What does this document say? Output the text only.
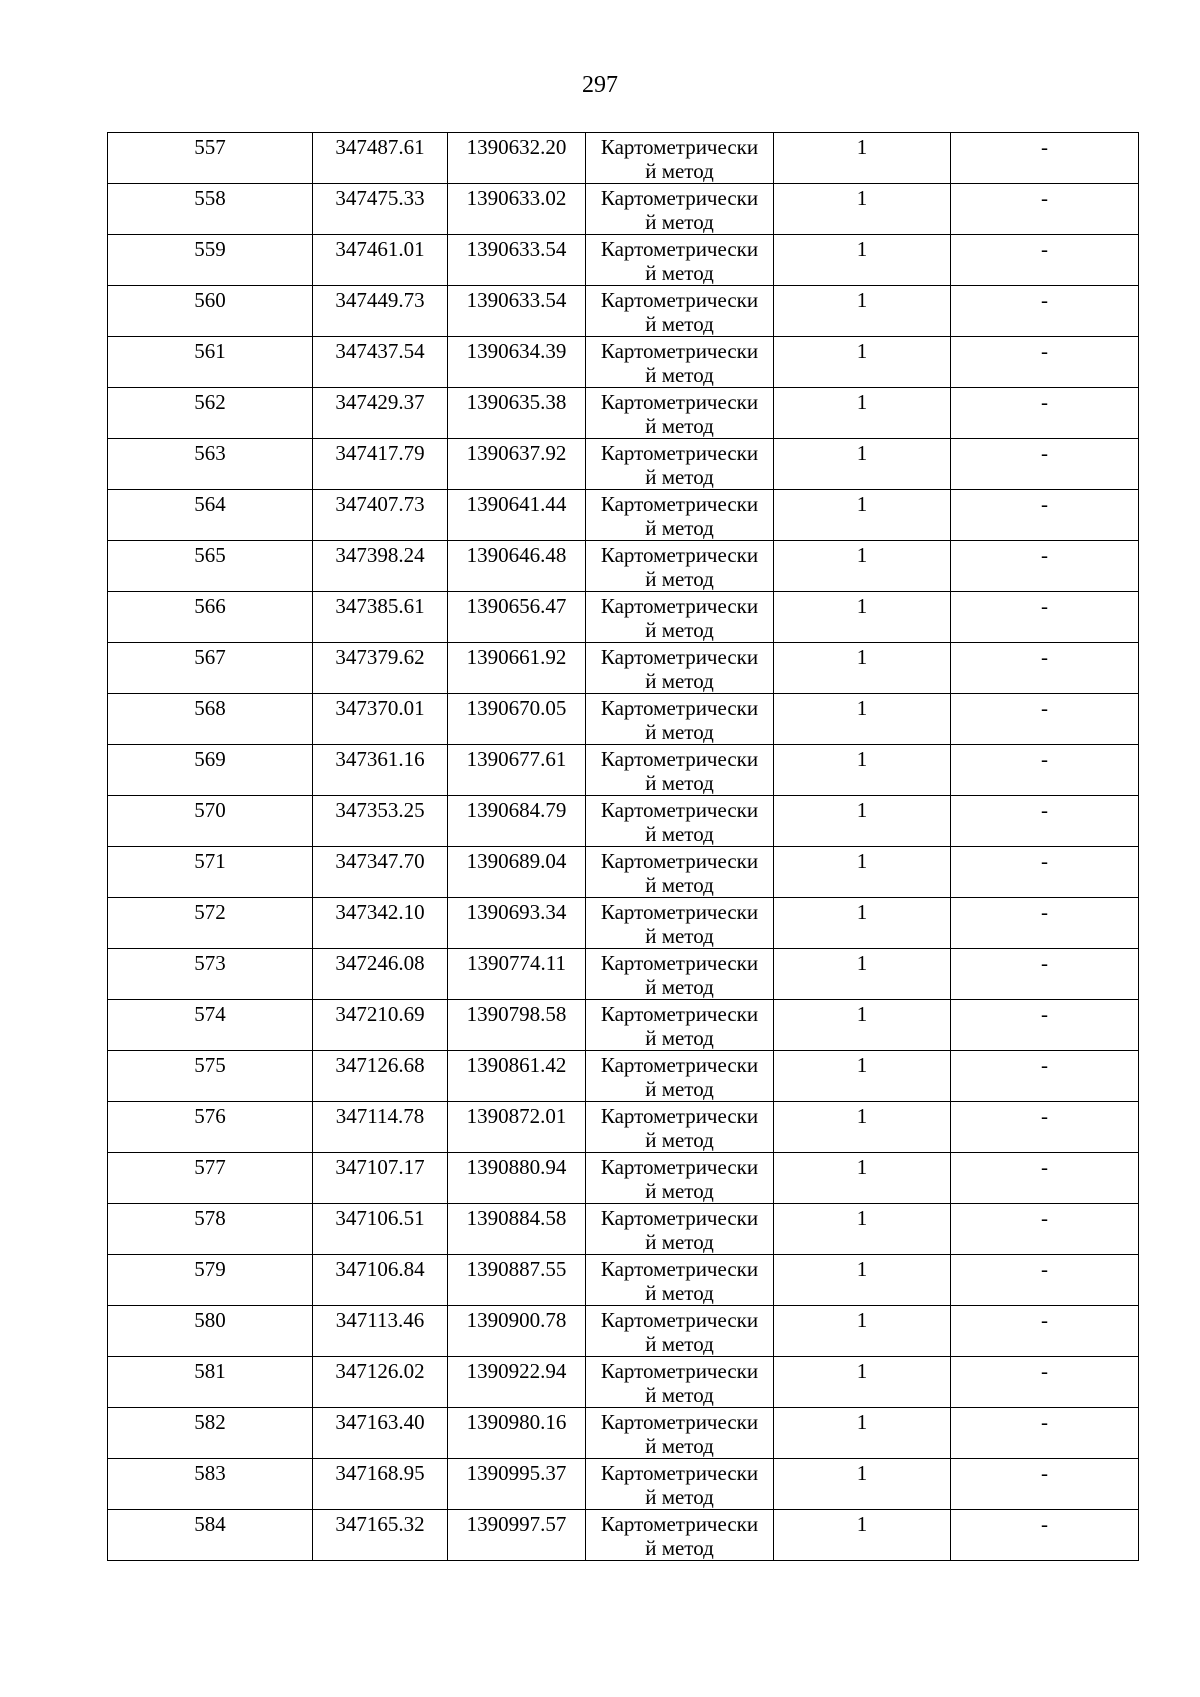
297
557	347487.61	1390632.20	Картометрически
й метод	1	-

558	347475.33	1390633.02	Картометрически
й метод	1	-

559	347461.01	1390633.54	Картометрически
й метод	1	-

560	347449.73	1390633.54	Картометрически
й метод	1	-

561	347437.54	1390634.39	Картометрически
й метод	1	-

562	347429.37	1390635.38	Картометрически
й метод	1	-

563	347417.79	1390637.92	Картометрически
й метод	1	-

564	347407.73	1390641.44	Картометрически
й метод	1	-

565	347398.24	1390646.48	Картометрически
й метод	1	-

566	347385.61	1390656.47	Картометрически
й метод	1	-

567	347379.62	1390661.92	Картометрически
й метод	1	-

568	347370.01	1390670.05	Картометрически
й метод	1	-

569	347361.16	1390677.61	Картометрически
й метод	1	-

570	347353.25	1390684.79	Картометрически
й метод	1	-

571	347347.70	1390689.04	Картометрически
й метод	1	-

572	347342.10	1390693.34	Картометрически
й метод	1	-

573	347246.08	1390774.11	Картометрически
й метод	1	-

574	347210.69	1390798.58	Картометрически
й метод	1	-

575	347126.68	1390861.42	Картометрически
й метод	1	-

576	347114.78	1390872.01	Картометрически
й метод	1	-

577	347107.17	1390880.94	Картометрически
й метод	1	-

578	347106.51	1390884.58	Картометрически
й метод	1	-

579	347106.84	1390887.55	Картометрически
й метод	1	-

580	347113.46	1390900.78	Картометрически
й метод	1	-

581	347126.02	1390922.94	Картометрически
й метод	1	-

582	347163.40	1390980.16	Картометрически
й метод	1	-

583	347168.95	1390995.37	Картометрически
й метод	1	-

584	347165.32	1390997.57	Картометрически
й метод	1	-
